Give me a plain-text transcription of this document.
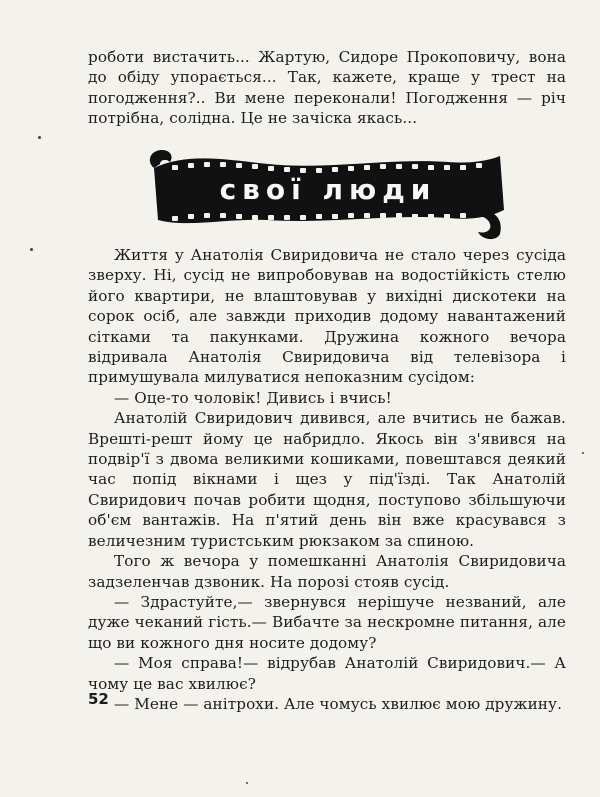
роботи вистачить... Жартую, Сидоре Прокоповичу, вона до обіду упорається... Так, кажете, краще у трест на погодження?.. Ви мене переконали! Погодження — річ потрібна, солідна. Це не зачіска якась...

свої люди

Життя у Анатолія Свиридовича не стало через сусіда зверху. Ні, сусід не випробовував на водостійкість стелю його квартири, не влаштовував у вихідні дискотеки на сорок осіб, але завжди приходив додому навантажений сітками та пакунками. Дружина кожного вечора відривала Анатолія Свиридовича від телевізора і примушувала милуватися непоказним сусідом:

— Оце-то чоловік! Дивись і вчись!

Анатолій Свиридович дивився, але вчитись не бажав. Врешті-решт йому це набридло. Якось він з'явився на подвір'ї з двома великими кошиками, повештався деякий час попід вікнами і щез у під'їзді. Так Анатолій Свиридович почав робити щодня, поступово збільшуючи об'єм вантажів. На п'ятий день він вже красувався з величезним туристським рюкзаком за спиною.

Того ж вечора у помешканні Анатолія Свиридовича задзеленчав дзвоник. На порозі стояв сусід.

— Здрастуйте,— звернувся нерішуче незваний, але дуже чеканий гість.— Вибачте за нескромне питання, але що ви кожного дня носите додому?

— Моя справа!— відрубав Анатолій Свиридович.— А чому це вас хвилює?

— Мене — анітрохи. Але чомусь хвилює мою дружину.

52
